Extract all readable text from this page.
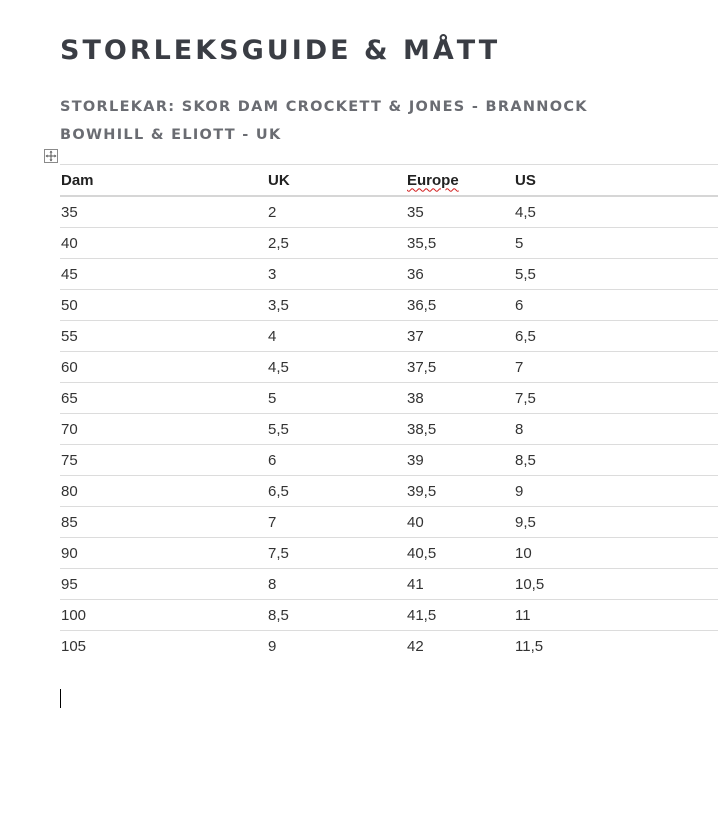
STORLEKSGUIDE & MÅTT
STORLEKAR: SKOR DAM CROCKETT & JONES - BRANNOCK
BOWHILL & ELIOTT - UK
Dam	UK	Europe	US
35	2	35	4,5
40	2,5	35,5	5
45	3	36	5,5
50	3,5	36,5	6
55	4	37	6,5
60	4,5	37,5	7
65	5	38	7,5
70	5,5	38,5	8
75	6	39	8,5
80	6,5	39,5	9
85	7	40	9,5
90	7,5	40,5	10
95	8	41	10,5
100	8,5	41,5	11
105	9	42	11,5
